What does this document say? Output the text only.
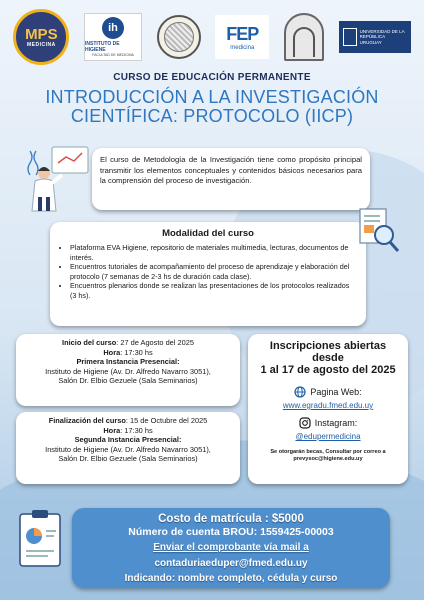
MPS
MEDICINA
ih
INSTITUTO DE HIGIENE
FACULTAD DE MEDICINA
FEP
medicina
UNIVERSIDAD DE LA REPÚBLICA URUGUAY
CURSO DE EDUCACIÓN PERMANENTE
INTRODUCCIÓN A LA INVESTIGACIÓN CIENTÍFICA: PROTOCOLO (IICP)
El curso de Metodología de la Investigación tiene como propósito principal transmitir los elementos conceptuales y contenidos básicos necesarios para la comprensión del proceso de investigación.
Modalidad del curso
• Plataforma EVA Higiene, repositorio de materiales multimedia, lecturas, documentos de interés.
• Encuentros tutoriales de acompañamiento del proceso de aprendizaje y elaboración del protocolo (7 semanas de 2-3 hs de duración cada clase).
• Encuentros plenarios donde se realizan las presentaciones de los protocolos realizados (3 hs).
Inicio del curso: 27 de Agosto del 2025
Hora: 17:30 hs
Primera Instancia Presencial:
Instituto de Higiene (Av. Dr. Alfredo Navarro 3051),
Salón Dr. Elbio Gezuele (Sala Seminarios)
Finalización del curso: 15 de Octubre del 2025
Hora: 17:30 hs
Segunda Instancia Presencial:
Instituto de Higiene (Av. Dr. Alfredo Navarro 3051),
Salón Dr. Elbio Gezuele (Sala Seminarios)
Inscripciones abiertas
desde
1 al 17 de agosto del 2025
Pagina Web:
www.egradu.fmed.edu.uy
Instagram:
@edupermedicina
Se otorgarán becas, Consultar por correo a prevysoc@higiene.edu.uy
Costo de matrícula : $5000
Número de cuenta BROU: 1559425-00003
Enviar el comprobante vía mail a
contaduriaeduper@fmed.edu.uy
Indicando: nombre completo, cédula y curso
